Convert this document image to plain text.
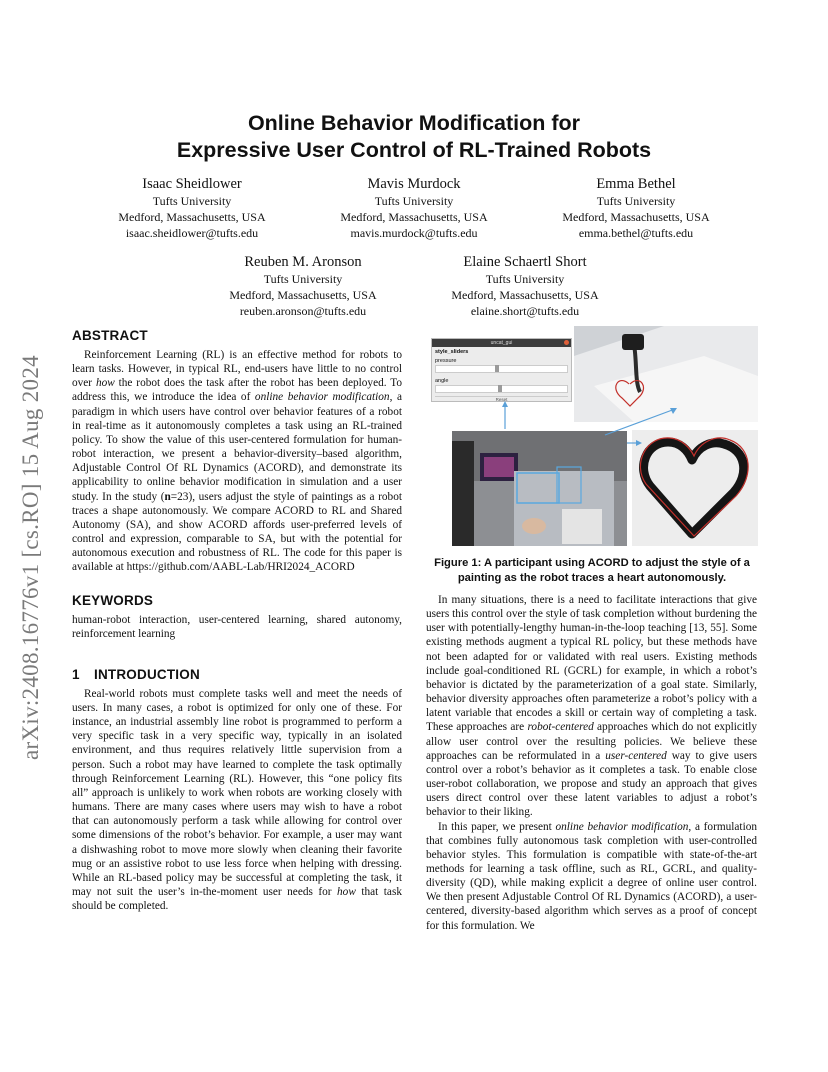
arXiv:2408.16776v1 [cs.RO] 15 Aug 2024
Online Behavior Modification for
Expressive User Control of RL-Trained Robots
Isaac Sheidlower
Tufts University
Medford, Massachusetts, USA
isaac.sheidlower@tufts.edu
Mavis Murdock
Tufts University
Medford, Massachusetts, USA
mavis.murdock@tufts.edu
Emma Bethel
Tufts University
Medford, Massachusetts, USA
emma.bethel@tufts.edu
Reuben M. Aronson
Tufts University
Medford, Massachusetts, USA
reuben.aronson@tufts.edu
Elaine Schaertl Short
Tufts University
Medford, Massachusetts, USA
elaine.short@tufts.edu
ABSTRACT

Reinforcement Learning (RL) is an effective method for robots to learn tasks. However, in typical RL, end-users have little to no control over how the robot does the task after the robot has been deployed. To address this, we introduce the idea of online behavior modification, a paradigm in which users have control over behavior features of a robot in real-time as it autonomously completes a task using an RL-trained policy. To show the value of this user-centered formulation for human-robot interaction, we present a behavior-diversity–based algorithm, Adjustable Control Of RL Dynamics (ACORD), and demonstrate its applicability to online behavior modification in simulation and a user study. In the study (n=23), users adjust the style of paintings as a robot traces a shape autonomously. We compare ACORD to RL and Shared Autonomy (SA), and show ACORD affords user-preferred levels of control and expression, comparable to SA, but with the potential for autonomous execution and robustness of RL. The code for this paper is available at https://github.com/AABL-Lab/HRI2024_ACORD

KEYWORDS

human-robot interaction, user-centered learning, shared autonomy, reinforcement learning

1 INTRODUCTION

Real-world robots must complete tasks well and meet the needs of users. In many cases, a robot is optimized for only one of these. For instance, an industrial assembly line robot is programmed to perform a very specific task in a very specific way, typically in an isolated environment, and thus requires relatively little supervision from a person. Such a robot may have learned to complete the task optimally through Reinforcement Learning (RL). However, this “one policy fits all” approach is unlikely to work when robots are working closely with humans. There are many cases where users may wish to have a robot that can autonomously perform a task while allowing for control over some dimensions of the robot’s behavior. For example, a user may want a dishwashing robot to move more slowly when cleaning their favorite mug or an assistive robot to use less force when helping with dressing. While an RL-based policy may be successful at completing the task, it may not suit the user’s in-the-moment user needs for how that task should be completed.

uncat_gui
style_sliders
pressure
angle
Reset
Figure 1: A participant using ACORD to adjust the style of a painting as the robot traces a heart autonomously.

In many situations, there is a need to facilitate interactions that give users this control over the style of task completion without burdening the user with potentially-lengthy human-in-the-loop teaching [13, 55]. Some existing methods augment a typical RL policy, but these methods have not been adapted for or validated with real users. Existing methods include goal-conditioned RL (GCRL) for example, in which a robot’s behavior is dictated by the parameterization of a goal state. Similarly, behavior diversity approaches often parameterize a robot’s policy with a latent variable that encodes a skill or certain way of completing a task. These approaches are robot-centered approaches which do not explicitly allow user control over the resulting policies. We believe these approaches can be reformulated in a user-centered way to give users control over a robot’s behavior as it completes a task. To enable close user-robot collaboration, we propose and study an approach that gives users direct control over these latent variables to adjust a robot’s behavior to their liking.

In this paper, we present online behavior modification, a formulation that combines fully autonomous task completion with user-controlled behavior styles. This formulation is compatible with state-of-the-art methods for learning a task offline, such as RL, GCRL, and quality-diversity (QD), while making explicit a degree of online user control. We then present Adjustable Control Of RL Dynamics (ACORD), a user-centered, diversity-based algorithm which serves as a proof of concept for this formulation. We
